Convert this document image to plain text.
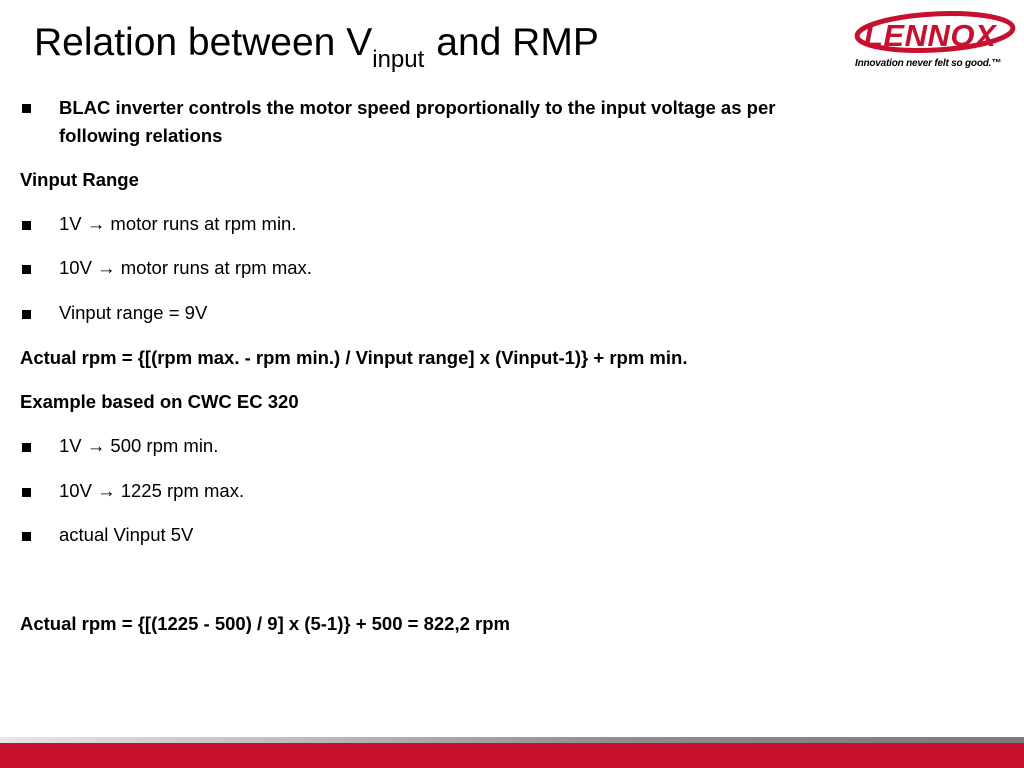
Relation between $V_{input}$ and RMP	LENNOX
Innovation never felt so good.™
BLAC inverter controls the motor speed proportionally to the input voltage as per
following relations
Vinput Range
1V → motor runs at rpm min.
10V → motor runs at rpm max.
Vinput range = 9V
Actual rpm = {[(rpm max. - rpm min.) / Vinput range] x (Vinput-1)} + rpm min.
Example based on CWC EC 320
1V → 500 rpm min.
10V → 1225 rpm max.
actual Vinput 5V
Actual rpm = {[(1225 - 500) / 9] x (5-1)} + 500 = 822,2 rpm
